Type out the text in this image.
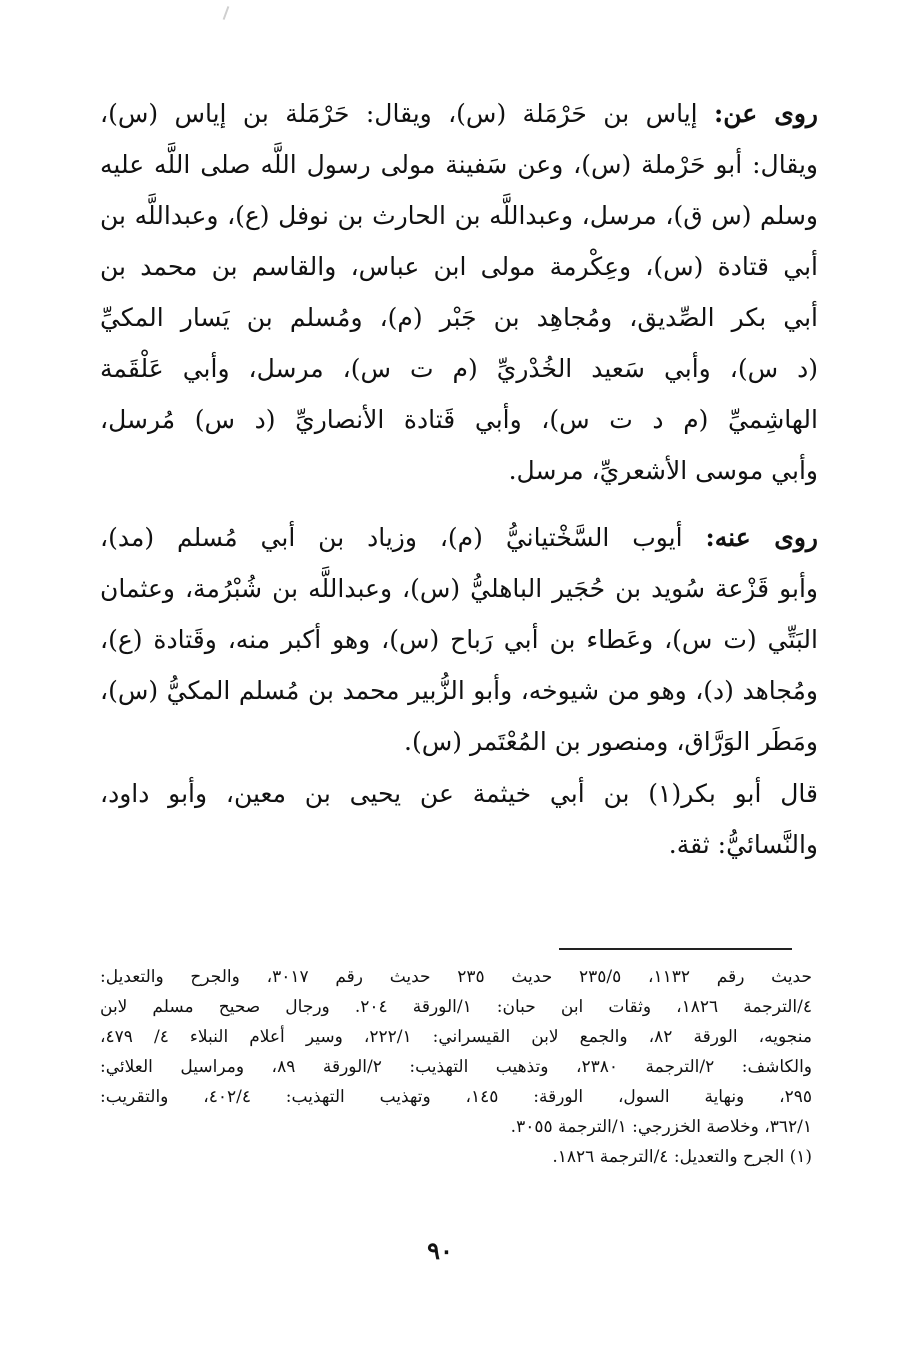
روى عن: إياس بن حَرْمَلة (س)، ويقال: حَرْمَلة بن إياس (س)،
ويقال: أبو حَرْملة (س)، وعن سَفينة مولى رسول اللَّه صلى اللَّه عليه
وسلم (س ق)، مرسل، وعبداللَّه بن الحارث بن نوفل (ع)، وعبداللَّه بن
أبي قتادة (س)، وعِكْرمة مولى ابن عباس، والقاسم بن محمد بن
أبي بكر الصِّديق، ومُجاهِد بن جَبْر (م)، ومُسلم بن يَسار المكيِّ
(د س)، وأبي سَعيد الخُدْريِّ (م ت س)، مرسل، وأبي عَلْقَمة
الهاشِميِّ (م د ت س)، وأبي قَتادة الأنصاريِّ (د س) مُرسل،
وأبي موسى الأشعريِّ، مرسل.
روى عنه: أيوب السَّخْتيانيُّ (م)، وزياد بن أبي مُسلم (مد)،
وأبو قَزْعة سُويد بن حُجَير الباهليُّ (س)، وعبداللَّه بن شُبْرُمة، وعثمان
البَتِّي (ت س)، وعَطاء بن أبي رَباح (س)، وهو أكبر منه، وقَتادة (ع)،
ومُجاهد (د)، وهو من شيوخه، وأبو الزُّبير محمد بن مُسلم المكيُّ (س)،
ومَطَر الوَرَّاق، ومنصور بن المُعْتَمر (س).
قال أبو بكر(١) بن أبي خيثمة عن يحيى بن معين، وأبو داود،
والنَّسائيُّ: ثقة.
حديث رقم ١١٣٢، ٢٣٥/٥ حديث ٢٣٥ حديث رقم ٣٠١٧، والجرح والتعديل:
٤/الترجمة ١٨٢٦، وثقات ابن حبان: ١/الورقة ٢٠٤. ورجال صحيح مسلم لابن
منجويه، الورقة ٨٢، والجمع لابن القيسراني: ٢٢٢/١، وسير أعلام النبلاء ٤/ ٤٧٩،
والكاشف: ٢/الترجمة ٢٣٨٠، وتذهيب التهذيب: ٢/الورقة ٨٩، ومراسيل العلائي:
٢٩٥، ونهاية السول، الورقة: ١٤٥، وتهذيب التهذيب: ٤٠٢/٤، والتقريب:
٣٦٢/١، وخلاصة الخزرجي: ١/الترجمة ٣٠٥٥.
(١) الجرح والتعديل: ٤/الترجمة ١٨٢٦.
٩٠
